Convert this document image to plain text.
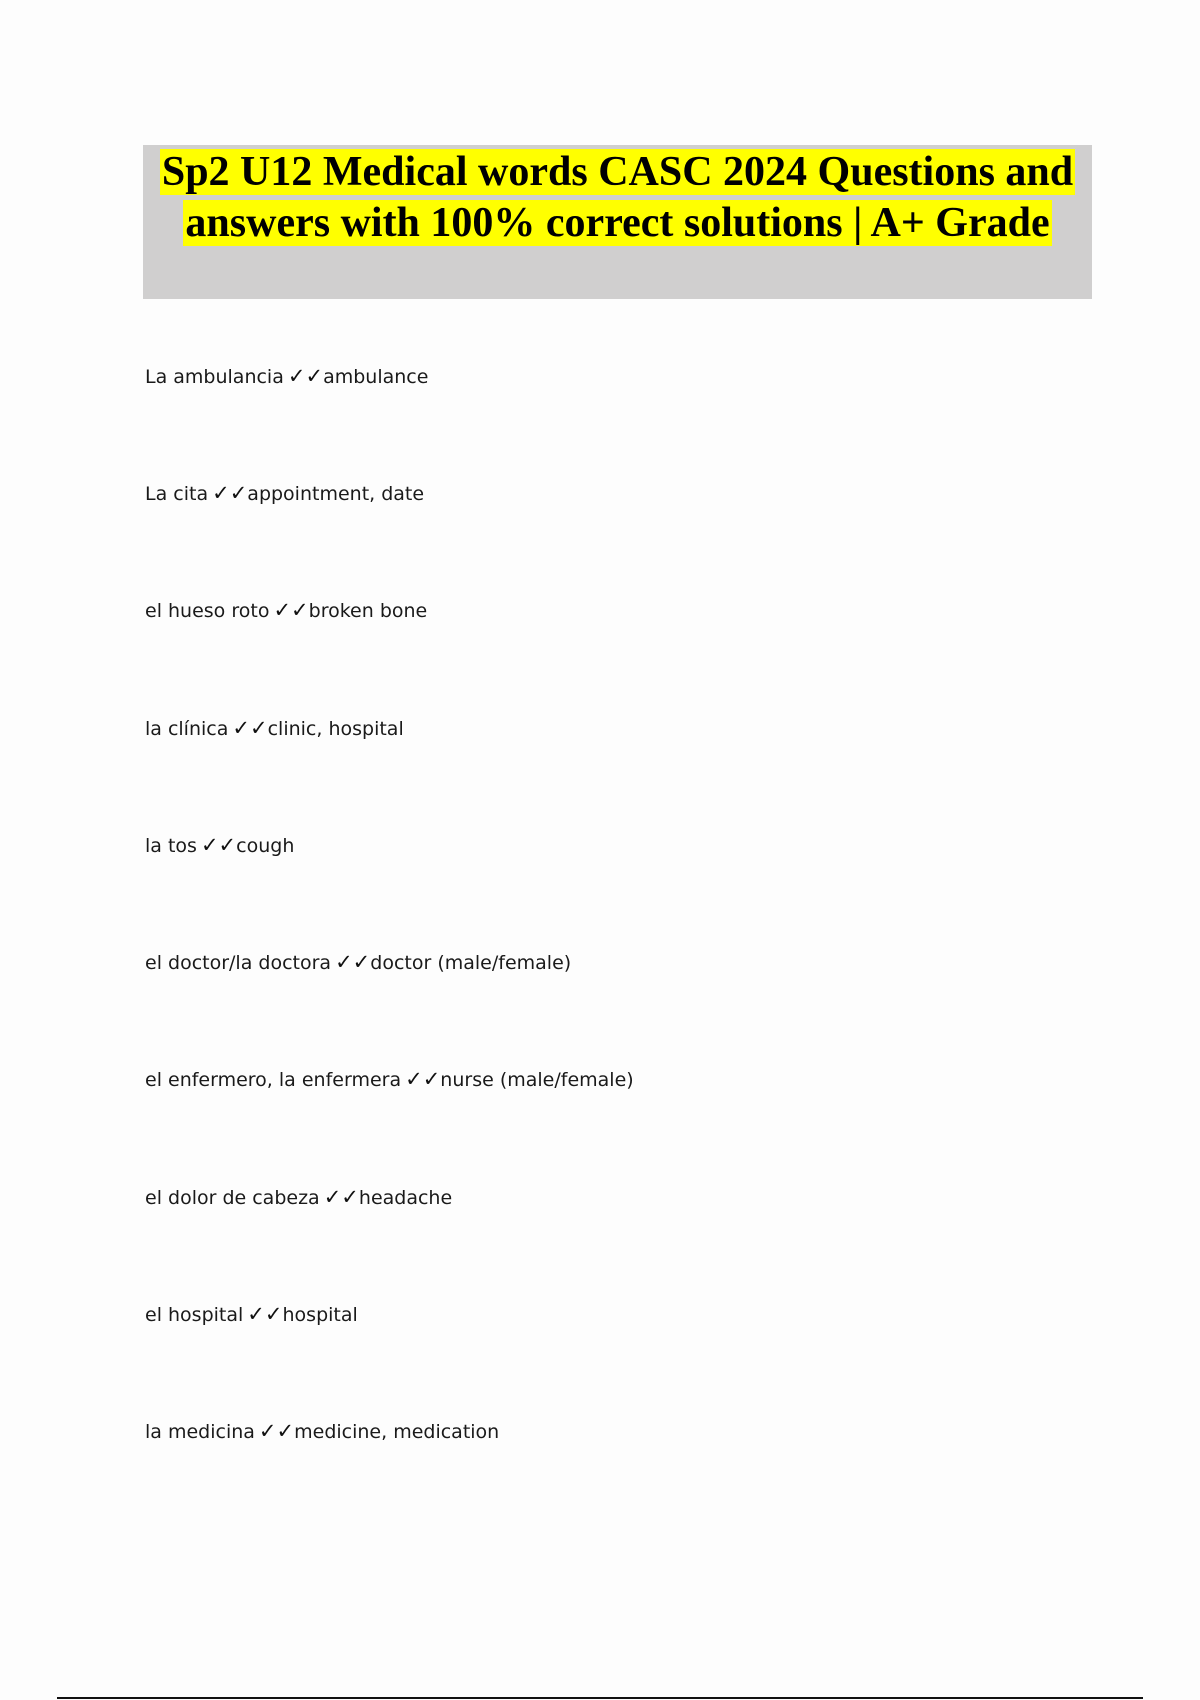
Sp2 U12 Medical words CASC 2024 Questions and answers with 100% correct solutions | A+ Grade
La ambulancia ✓✓ambulance
La cita ✓✓appointment, date
el hueso roto ✓✓broken bone
la clínica ✓✓clinic, hospital
la tos ✓✓cough
el doctor/la doctora ✓✓doctor (male/female)
el enfermero, la enfermera ✓✓nurse (male/female)
el dolor de cabeza ✓✓headache
el hospital ✓✓hospital
la medicina ✓✓medicine, medication
